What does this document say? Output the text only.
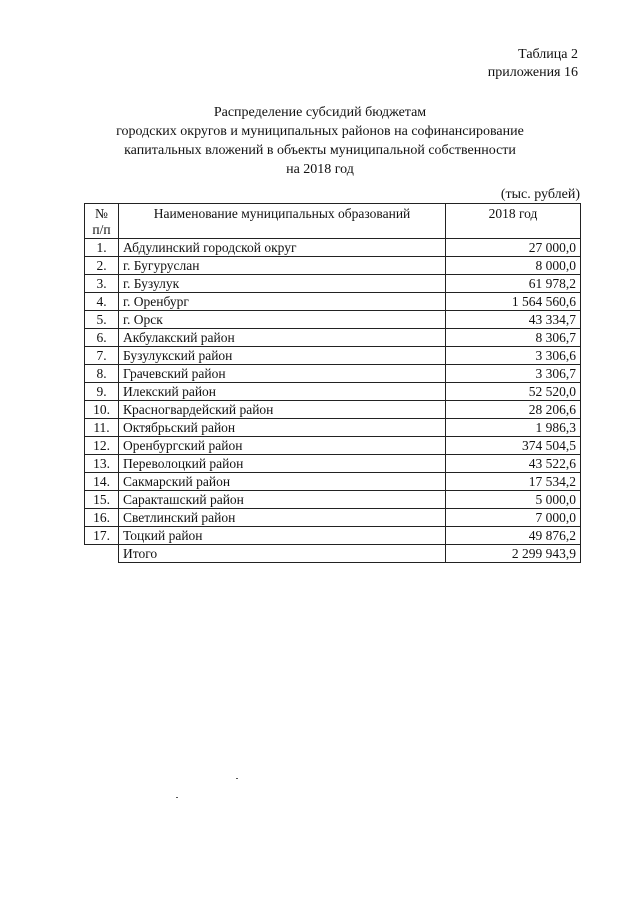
Таблица 2
приложения 16
Распределение субсидий бюджетам
городских округов и муниципальных районов на софинансирование
капитальных вложений в объекты муниципальной собственности
на 2018 год
(тыс. рублей)
№
п/п	Наименование муниципальных образований	2018 год
1.	Абдулинский городской округ	27 000,0
2.	г. Бугуруслан	8 000,0
3.	г. Бузулук	61 978,2
4.	г. Оренбург	1 564 560,6
5.	г. Орск	43 334,7
6.	Акбулакский район	8 306,7
7.	Бузулукский район	3 306,6
8.	Грачевский район	3 306,7
9.	Илекский район	52 520,0
10.	Красногвардейский район	28 206,6
11.	Октябрьский район	1 986,3
12.	Оренбургский район	374 504,5
13.	Переволоцкий район	43 522,6
14.	Сакмарский район	17 534,2
15.	Саракташский район	5 000,0
16.	Светлинский район	7 000,0
17.	Тоцкий район	49 876,2
	Итого	2 299 943,9
